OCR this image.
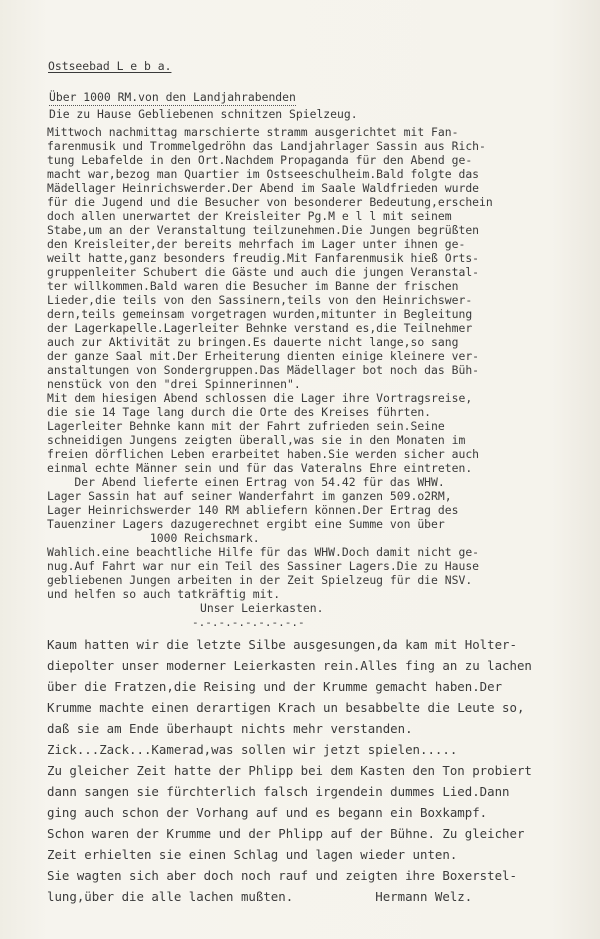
Ostseebad L e b a.
Über 1000 RM.von den Landjahrabenden
Die zu Hause Gebliebenen schnitzen Spielzeug.
Mittwoch nachmittag marschierte stramm ausgerichtet mit Fan-
farenmusik und Trommelgedröhn das Landjahrlager Sassin aus Rich-
tung Lebafelde in den Ort.Nachdem Propaganda für den Abend ge-
macht war,bezog man Quartier im Ostseeschulheim.Bald folgte das
Mädellager Heinrichswerder.Der Abend im Saale Waldfrieden wurde
für die Jugend und die Besucher von besonderer Bedeutung,erschein
doch allen unerwartet der Kreisleiter Pg.M e l l mit seinem
Stabe,um an der Veranstaltung teilzunehmen.Die Jungen begrüßten
den Kreisleiter,der bereits mehrfach im Lager unter ihnen ge-
weilt hatte,ganz besonders freudig.Mit Fanfarenmusik hieß Orts-
gruppenleiter Schubert die Gäste und auch die jungen Veranstal-
ter willkommen.Bald waren die Besucher im Banne der frischen
Lieder,die teils von den Sassinern,teils von den Heinrichswer-
dern,teils gemeinsam vorgetragen wurden,mitunter in Begleitung
der Lagerkapelle.Lagerleiter Behnke verstand es,die Teilnehmer
auch zur Aktivität zu bringen.Es dauerte nicht lange,so sang
der ganze Saal mit.Der Erheiterung dienten einige kleinere ver-
anstaltungen von Sondergruppen.Das Mädellager bot noch das Büh-
nenstück von den "drei Spinnerinnen".
Mit dem hiesigen Abend schlossen die Lager ihre Vortragsreise,
die sie 14 Tage lang durch die Orte des Kreises führten.
Lagerleiter Behnke kann mit der Fahrt zufrieden sein.Seine
schneidigen Jungens zeigten überall,was sie in den Monaten im
freien dörflichen Leben erarbeitet haben.Sie werden sicher auch
einmal echte Männer sein und für das Vateralns Ehre eintreten.
Der Abend lieferte einen Ertrag von 54.42 für das WHW.
Lager Sassin hat auf seiner Wanderfahrt im ganzen 509.o2RM,
Lager Heinrichswerder 140 RM abliefern können.Der Ertrag des
Tauenziner Lagers dazugerechnet ergibt eine Summe von über
1000 Reichsmark.
Wahlich.eine beachtliche Hilfe für das WHW.Doch damit nicht ge-
nug.Auf Fahrt war nur ein Teil des Sassiner Lagers.Die zu Hause
gebliebenen Jungen arbeiten in der Zeit Spielzeug für die NSV.
und helfen so auch tatkräftig mit.
Unser Leierkasten.
-.-.-.-.-.-.-.-.-
Kaum hatten wir die letzte Silbe ausgesungen,da kam mit Holter-
diepolter unser moderner Leierkasten rein.Alles fing an zu lachen
über die Fratzen,die Reising und der Krumme gemacht haben.Der
Krumme machte einen derartigen Krach un besabbelte die Leute so,
daß sie am Ende überhaupt nichts mehr verstanden.
Zick...Zack...Kamerad,was sollen wir jetzt spielen.....
Zu gleicher Zeit hatte der Phlipp bei dem Kasten den Ton probiert
dann sangen sie fürchterlich falsch irgendein dummes Lied.Dann
ging auch schon der Vorhang auf und es begann ein Boxkampf.
Schon waren der Krumme und der Phlipp auf der Bühne. Zu gleicher
Zeit erhielten sie einen Schlag und lagen wieder unten.
Sie wagten sich aber doch noch rauf und zeigten ihre Boxerstel-
lung,über die alle lachen mußten.           Hermann Welz.
